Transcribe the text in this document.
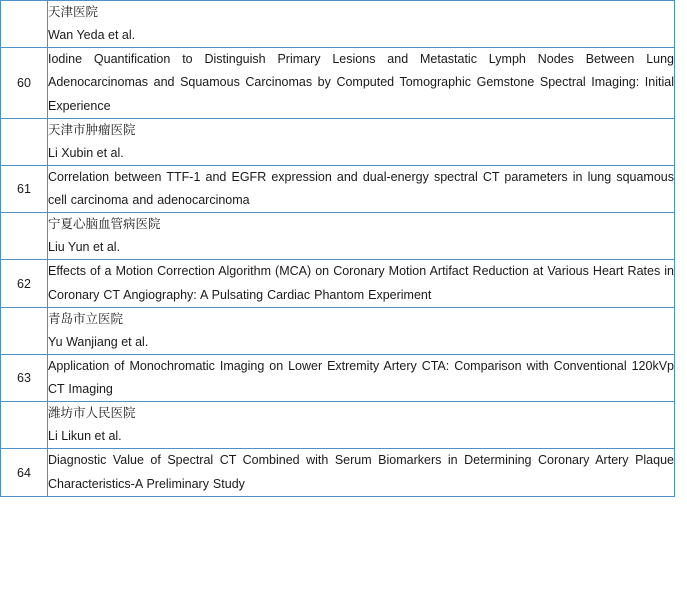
	天津医院
Wan Yeda et al.

60	Iodine Quantification to Distinguish Primary Lesions and Metastatic Lymph Nodes Between Lung Adenocarcinomas and Squamous Carcinomas by Computed Tomographic Gemstone Spectral Imaging: Initial Experience

	天津市肿瘤医院
Li Xubin et al.

61	Correlation between TTF-1 and EGFR expression and dual-energy spectral CT parameters in lung squamous cell carcinoma and adenocarcinoma

	宁夏心脑血管病医院
Liu Yun et al.

62	Effects of a Motion Correction Algorithm (MCA) on Coronary Motion Artifact Reduction at Various Heart Rates in Coronary CT Angiography: A Pulsating Cardiac Phantom Experiment

	青岛市立医院
Yu Wanjiang et al.

63	Application of Monochromatic Imaging on Lower Extremity Artery CTA: Comparison with Conventional 120kVp CT Imaging

	潍坊市人民医院
Li Likun et al.

64	Diagnostic Value of Spectral CT Combined with Serum Biomarkers in Determining Coronary Artery Plaque Characteristics-A Preliminary Study
